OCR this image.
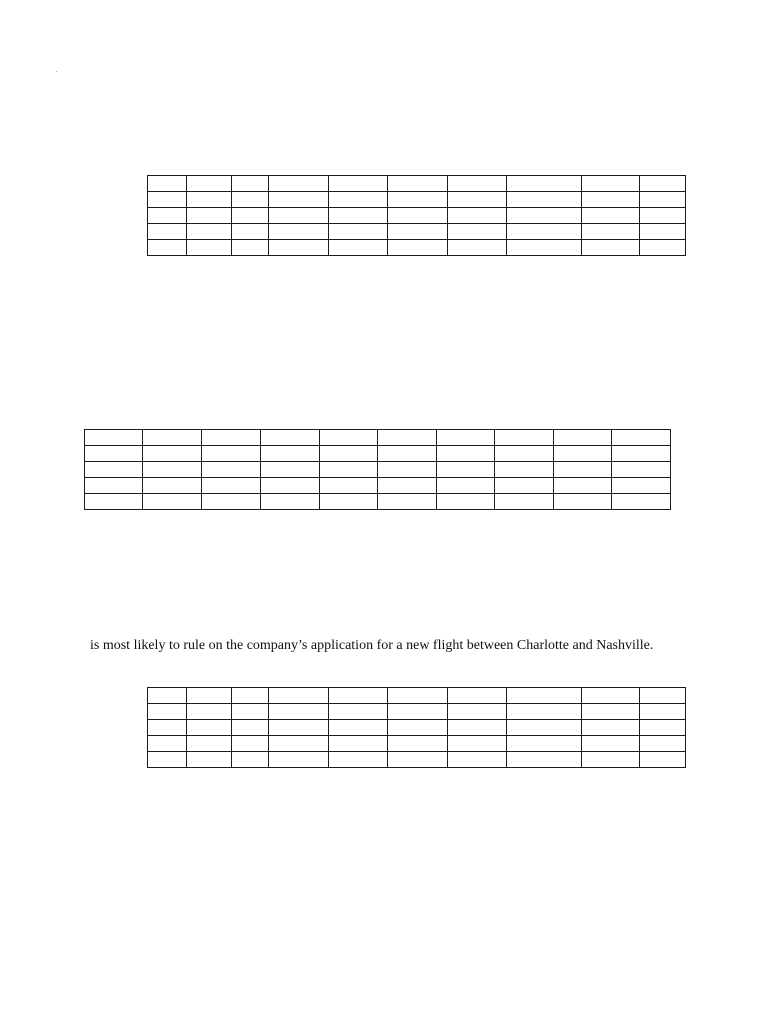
.

is most likely to rule on the company’s application for a new flight between Charlotte and Nashville.
